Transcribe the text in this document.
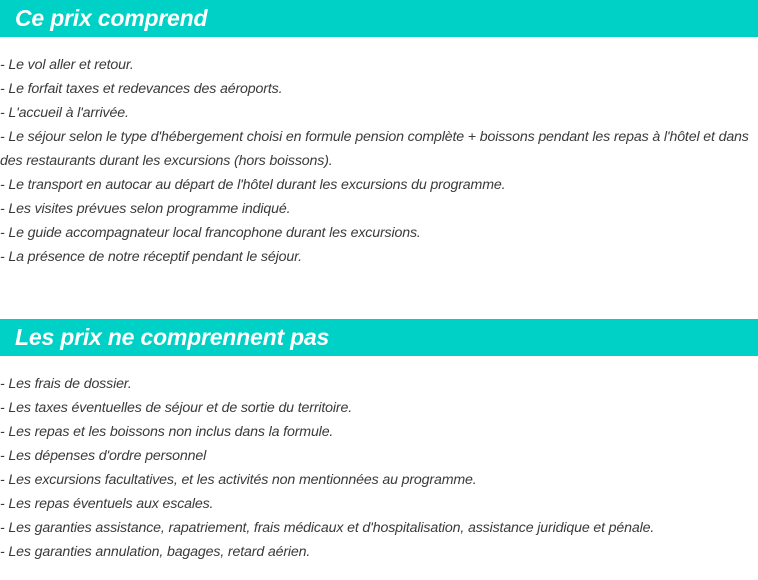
Ce prix comprend
- Le vol aller et retour.
- Le forfait taxes et redevances des aéroports.
- L'accueil à l'arrivée.
- Le séjour selon le type d'hébergement choisi en formule pension complète + boissons pendant les repas à l'hôtel et dans des restaurants durant les excursions (hors boissons).
- Le transport en autocar au départ de l'hôtel durant les excursions du programme.
- Les visites prévues selon programme indiqué.
- Le guide accompagnateur local francophone durant les excursions.
- La présence de notre réceptif pendant le séjour.
Les prix ne comprennent pas
- Les frais de dossier.
- Les taxes éventuelles de séjour et de sortie du territoire.
- Les repas et les boissons non inclus dans la formule.
- Les dépenses d'ordre personnel
- Les excursions facultatives, et les activités non mentionnées au programme.
- Les repas éventuels aux escales.
- Les garanties assistance, rapatriement, frais médicaux et d'hospitalisation, assistance juridique et pénale.
- Les garanties annulation, bagages, retard aérien.
